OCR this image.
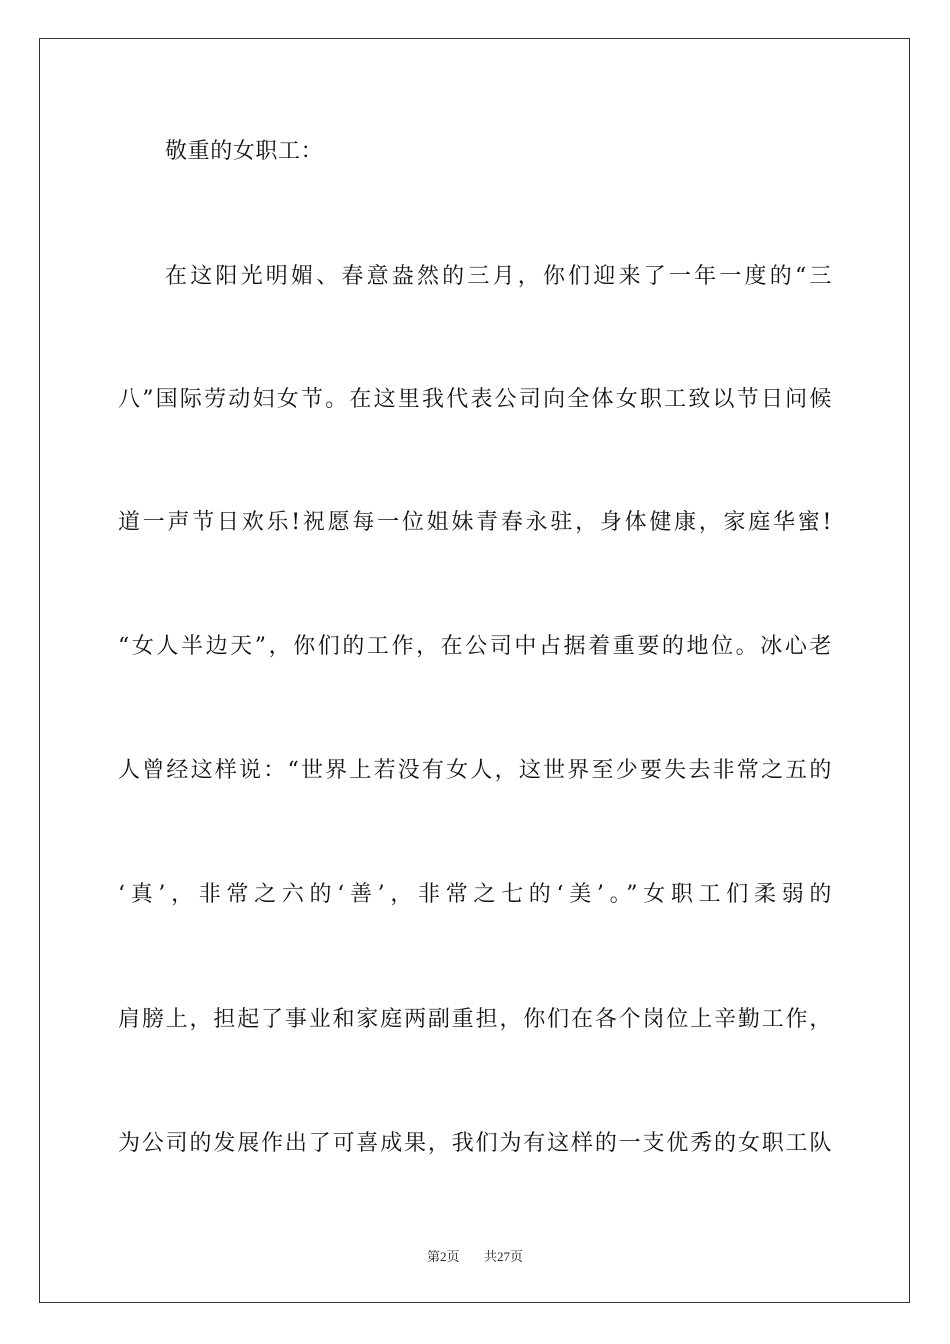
敬重的女职工：
在这阳光明媚、春意盎然的三月，你们迎来了一年一度的“三
八”国际劳动妇女节。在这里我代表公司向全体女职工致以节日问候
道一声节日欢乐!祝愿每一位姐妹青春永驻，身体健康，家庭华蜜!
“女人半边天”，你们的工作，在公司中占据着重要的地位。冰心老
人曾经这样说：“世界上若没有女人，这世界至少要失去非常之五的
‘真’，非常之六的‘善’，非常之七的‘美’。”女职工们柔弱的
肩膀上，担起了事业和家庭两副重担，你们在各个岗位上辛勤工作，
为公司的发展作出了可喜成果，我们为有这样的一支优秀的女职工队
第2页 共27页
